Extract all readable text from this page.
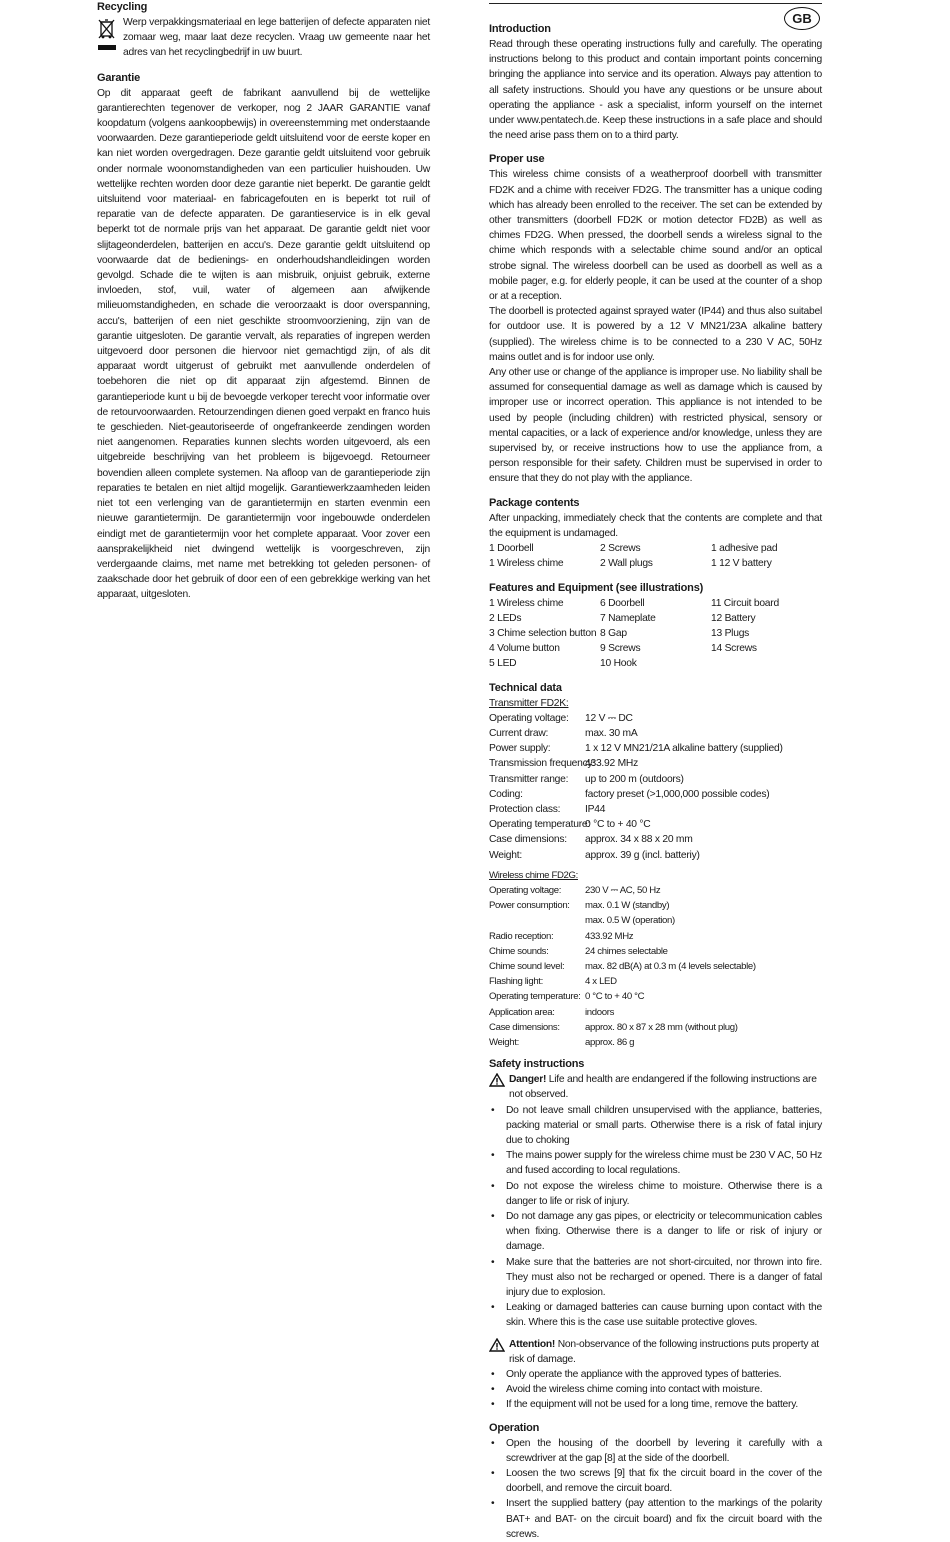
Recycling

Werp verpakkingsmateriaal en lege batterijen of defecte apparaten niet zomaar weg, maar laat deze recyclen. Vraag uw gemeente naar het adres van het recyclingbedrijf in uw buurt.

Garantie

Op dit apparaat geeft de fabrikant aanvullend bij de wettelijke garantierechten tegenover de verkoper, nog 2 JAAR GARANTIE vanaf koopdatum (volgens aankoopbewijs) in overeenstemming met onderstaande voorwaarden. Deze garantieperiode geldt uitsluitend voor de eerste koper en kan niet worden overgedragen. Deze garantie geldt uitsluitend voor gebruik onder normale woonomstandigheden van een particulier huishouden. Uw wettelijke rechten worden door deze garantie niet beperkt. De garantie geldt uitsluitend voor materiaal- en fabricagefouten en is beperkt tot ruil of reparatie van de defecte apparaten. De garantieservice is in elk geval beperkt tot de normale prijs van het apparaat. De garantie geldt niet voor slijtageonderdelen, batterijen en accu's. Deze garantie geldt uitsluitend op voorwaarde dat de bedienings- en onderhoudshandleidingen worden gevolgd. Schade die te wijten is aan misbruik, onjuist gebruik, externe invloeden, stof, vuil, water of algemeen aan afwijkende milieuomstandigheden, en schade die veroorzaakt is door overspanning, accu's, batterijen of een niet geschikte stroomvoorziening, zijn van de garantie uitgesloten. De garantie vervalt, als reparaties of ingrepen werden uitgevoerd door personen die hiervoor niet gemachtigd zijn, of als dit apparaat wordt uitgerust of gebruikt met aanvullende onderdelen of toebehoren die niet op dit apparaat zijn afgestemd. Binnen de garantieperiode kunt u bij de bevoegde verkoper terecht voor informatie over de retourvoorwaarden. Retourzendingen dienen goed verpakt en franco huis te geschieden. Niet-geautoriseerde of ongefrankeerde zendingen worden niet aangenomen. Reparaties kunnen slechts worden uitgevoerd, als een uitgebreide beschrijving van het probleem is bijgevoegd. Retourneer bovendien alleen complete systemen. Na afloop van de garantieperiode zijn reparaties te betalen en niet altijd mogelijk. Garantiewerkzaamheden leiden niet tot een verlenging van de garantietermijn en starten evenmin een nieuwe garantietermijn. De garantietermijn voor ingebouwde onderdelen eindigt met de garantietermijn voor het complete apparaat. Voor zover een aansprakelijkheid niet dwingend wettelijk is voorgeschreven, zijn verdergaande claims, met name met betrekking tot geleden personen- of zaakschade door het gebruik of door een of een gebrekkige werking van het apparaat, uitgesloten.

GB
Introduction

Read through these operating instructions fully and carefully. The operating instructions belong to this product and contain important points concerning bringing the appliance into service and its operation. Always pay attention to all safety instructions. Should you have any questions or be unsure about operating the appliance - ask a specialist, inform yourself on the internet under www.pentatech.de. Keep these instructions in a safe place and should the need arise pass them on to a third party.

Proper use

This wireless chime consists of a weatherproof doorbell with transmitter FD2K and a chime with receiver FD2G. The transmitter has a unique coding which has already been enrolled to the receiver. The set can be extended by other transmitters (doorbell FD2K or motion detector FD2B) as well as chimes FD2G. When pressed, the doorbell sends a wireless signal to the chime which responds with a selectable chime sound and/or an optical strobe signal. The wireless doorbell can be used as doorbell as well as a mobile pager, e.g. for elderly people, it can be used at the counter of a shop or at a reception.

The doorbell is protected against sprayed water (IP44) and thus also suitabel for outdoor use. It is powered by a 12 V MN21/23A alkaline battery (supplied). The wireless chime is to be connected to a 230 V AC, 50Hz mains outlet and is for indoor use only.

Any other use or change of the appliance is improper use. No liability shall be assumed for consequential damage as well as damage which is caused by improper use or incorrect operation. This appliance is not intended to be used by people (including children) with restricted physical, sensory or mental capacities, or a lack of experience and/or knowledge, unless they are supervised by, or receive instructions how to use the appliance from, a person responsible for their safety. Children must be supervised in order to ensure that they do not play with the appliance.

Package contents

After unpacking, immediately check that the contents are complete and that the equipment is undamaged.

1 Doorbell	2 Screws	1 adhesive pad
1 Wireless chime	2 Wall plugs	1 12 V battery
Features and Equipment (see illustrations)
1 Wireless chime	6 Doorbell	11 Circuit board
2 LEDs	7 Nameplate	12 Battery
3 Chime selection button 8 Gap	13 Plugs
4 Volume button	9 Screws	14 Screws
5 LED	10 Hook
Technical data
Transmitter FD2K:
Operating voltage:	12 V ⎓ DC
Current draw:	max. 30 mA
Power supply:	1 x 12 V MN21/21A alkaline battery (supplied)
Transmission frequency:
433.92 MHz
Transmitter range:	up to 200 m (outdoors)
Coding:	factory preset (>1,000,000 possible codes)
Protection class:	IP44
Operating temperature:
0 °C to + 40 °C
Case dimensions:	approx. 34 x 88 x 20 mm
Weight:	approx. 39 g (incl. batteriy)
Wireless chime FD2G:
Operating voltage:	230 V ⎓ AC, 50 Hz
Power consumption:	max. 0.1 W (standby)
max. 0.5 W (operation)
Radio reception:	433.92 MHz
Chime sounds:	24 chimes selectable
Chime sound level:	max. 82 dB(A) at 0.3 m (4 levels selectable)
Flashing light:	4 x LED
Operating temperature: 0 °C to + 40 °C
Application area:	indoors
Case dimensions:	approx. 80 x 87 x 28 mm (without plug)
Weight:	approx. 86 g
Safety instructions
Danger! Life and health are endangered if the following instructions are not observed.
• Do not leave small children unsupervised with the appliance, batteries, packing material or small parts. Otherwise there is a risk of fatal injury due to choking
• The mains power supply for the wireless chime must be 230 V AC, 50 Hz and fused according to local regulations.
• Do not expose the wireless chime to moisture. Otherwise there is a danger to life or risk of injury.
• Do not damage any gas pipes, or electricity or telecommunication cables when fixing. Otherwise there is a danger to life or risk of injury or damage.
• Make sure that the batteries are not short-circuited, nor thrown into fire. They must also not be recharged or opened. There is a danger of fatal injury due to explosion.
• Leaking or damaged batteries can cause burning upon contact with the skin. Where this is the case use suitable protective gloves.
Attention! Non-observance of the following instructions puts property at risk of damage.
• Only operate the appliance with the approved types of batteries.
• Avoid the wireless chime coming into contact with moisture.
• If the equipment will not be used for a long time, remove the battery.
Operation
• Open the housing of the doorbell by levering it carefully with a screwdriver at the gap [8] at the side of the doorbell.
• Loosen the two screws [9] that fix the circuit board in the cover of the doorbell, and remove the circuit board.
• Insert the supplied battery (pay attention to the markings of the polarity BAT+ and BAT- on the circuit board) and fix the circuit board with the screws.
